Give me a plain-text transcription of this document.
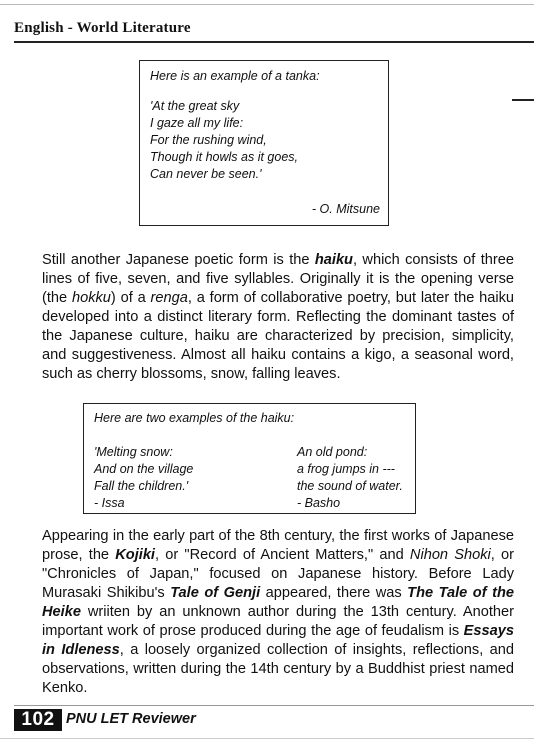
English - World Literature
Here is an example of a tanka:
'At the great sky
I gaze all my life:
For the rushing wind,
Though it howls as it goes,
Can never be seen.'
- O. Mitsune

Still another Japanese poetic form is the haiku, which consists of three lines of five, seven, and five syllables. Originally it is the opening verse (the hokku) of a renga, a form of collaborative poetry, but later the haiku developed into a distinct literary form. Reflecting the dominant tastes of the Japanese culture, haiku are characterized by precision, simplicity, and suggestiveness. Almost all haiku contains a kigo, a seasonal word, such as cherry blossoms, snow, falling leaves.

Here are two examples of the haiku:
'Melting snow:
And on the village
Fall the children.'
- Issa
An old pond:
a frog jumps in ---
the sound of water.
- Basho

Appearing in the early part of the 8th century, the first works of Japanese prose, the Kojiki, or "Record of Ancient Matters," and Nihon Shoki, or "Chronicles of Japan," focused on Japanese history. Before Lady Murasaki Shikibu's Tale of Genji appeared, there was The Tale of the Heike wriiten by an unknown author during the 13th century. Another important work of prose produced during the age of feudalism is Essays in Idleness, a loosely organized collection of insights, reflections, and observations, written during the 14th century by a Buddhist priest named Kenko.

102 PNU LET Reviewer
